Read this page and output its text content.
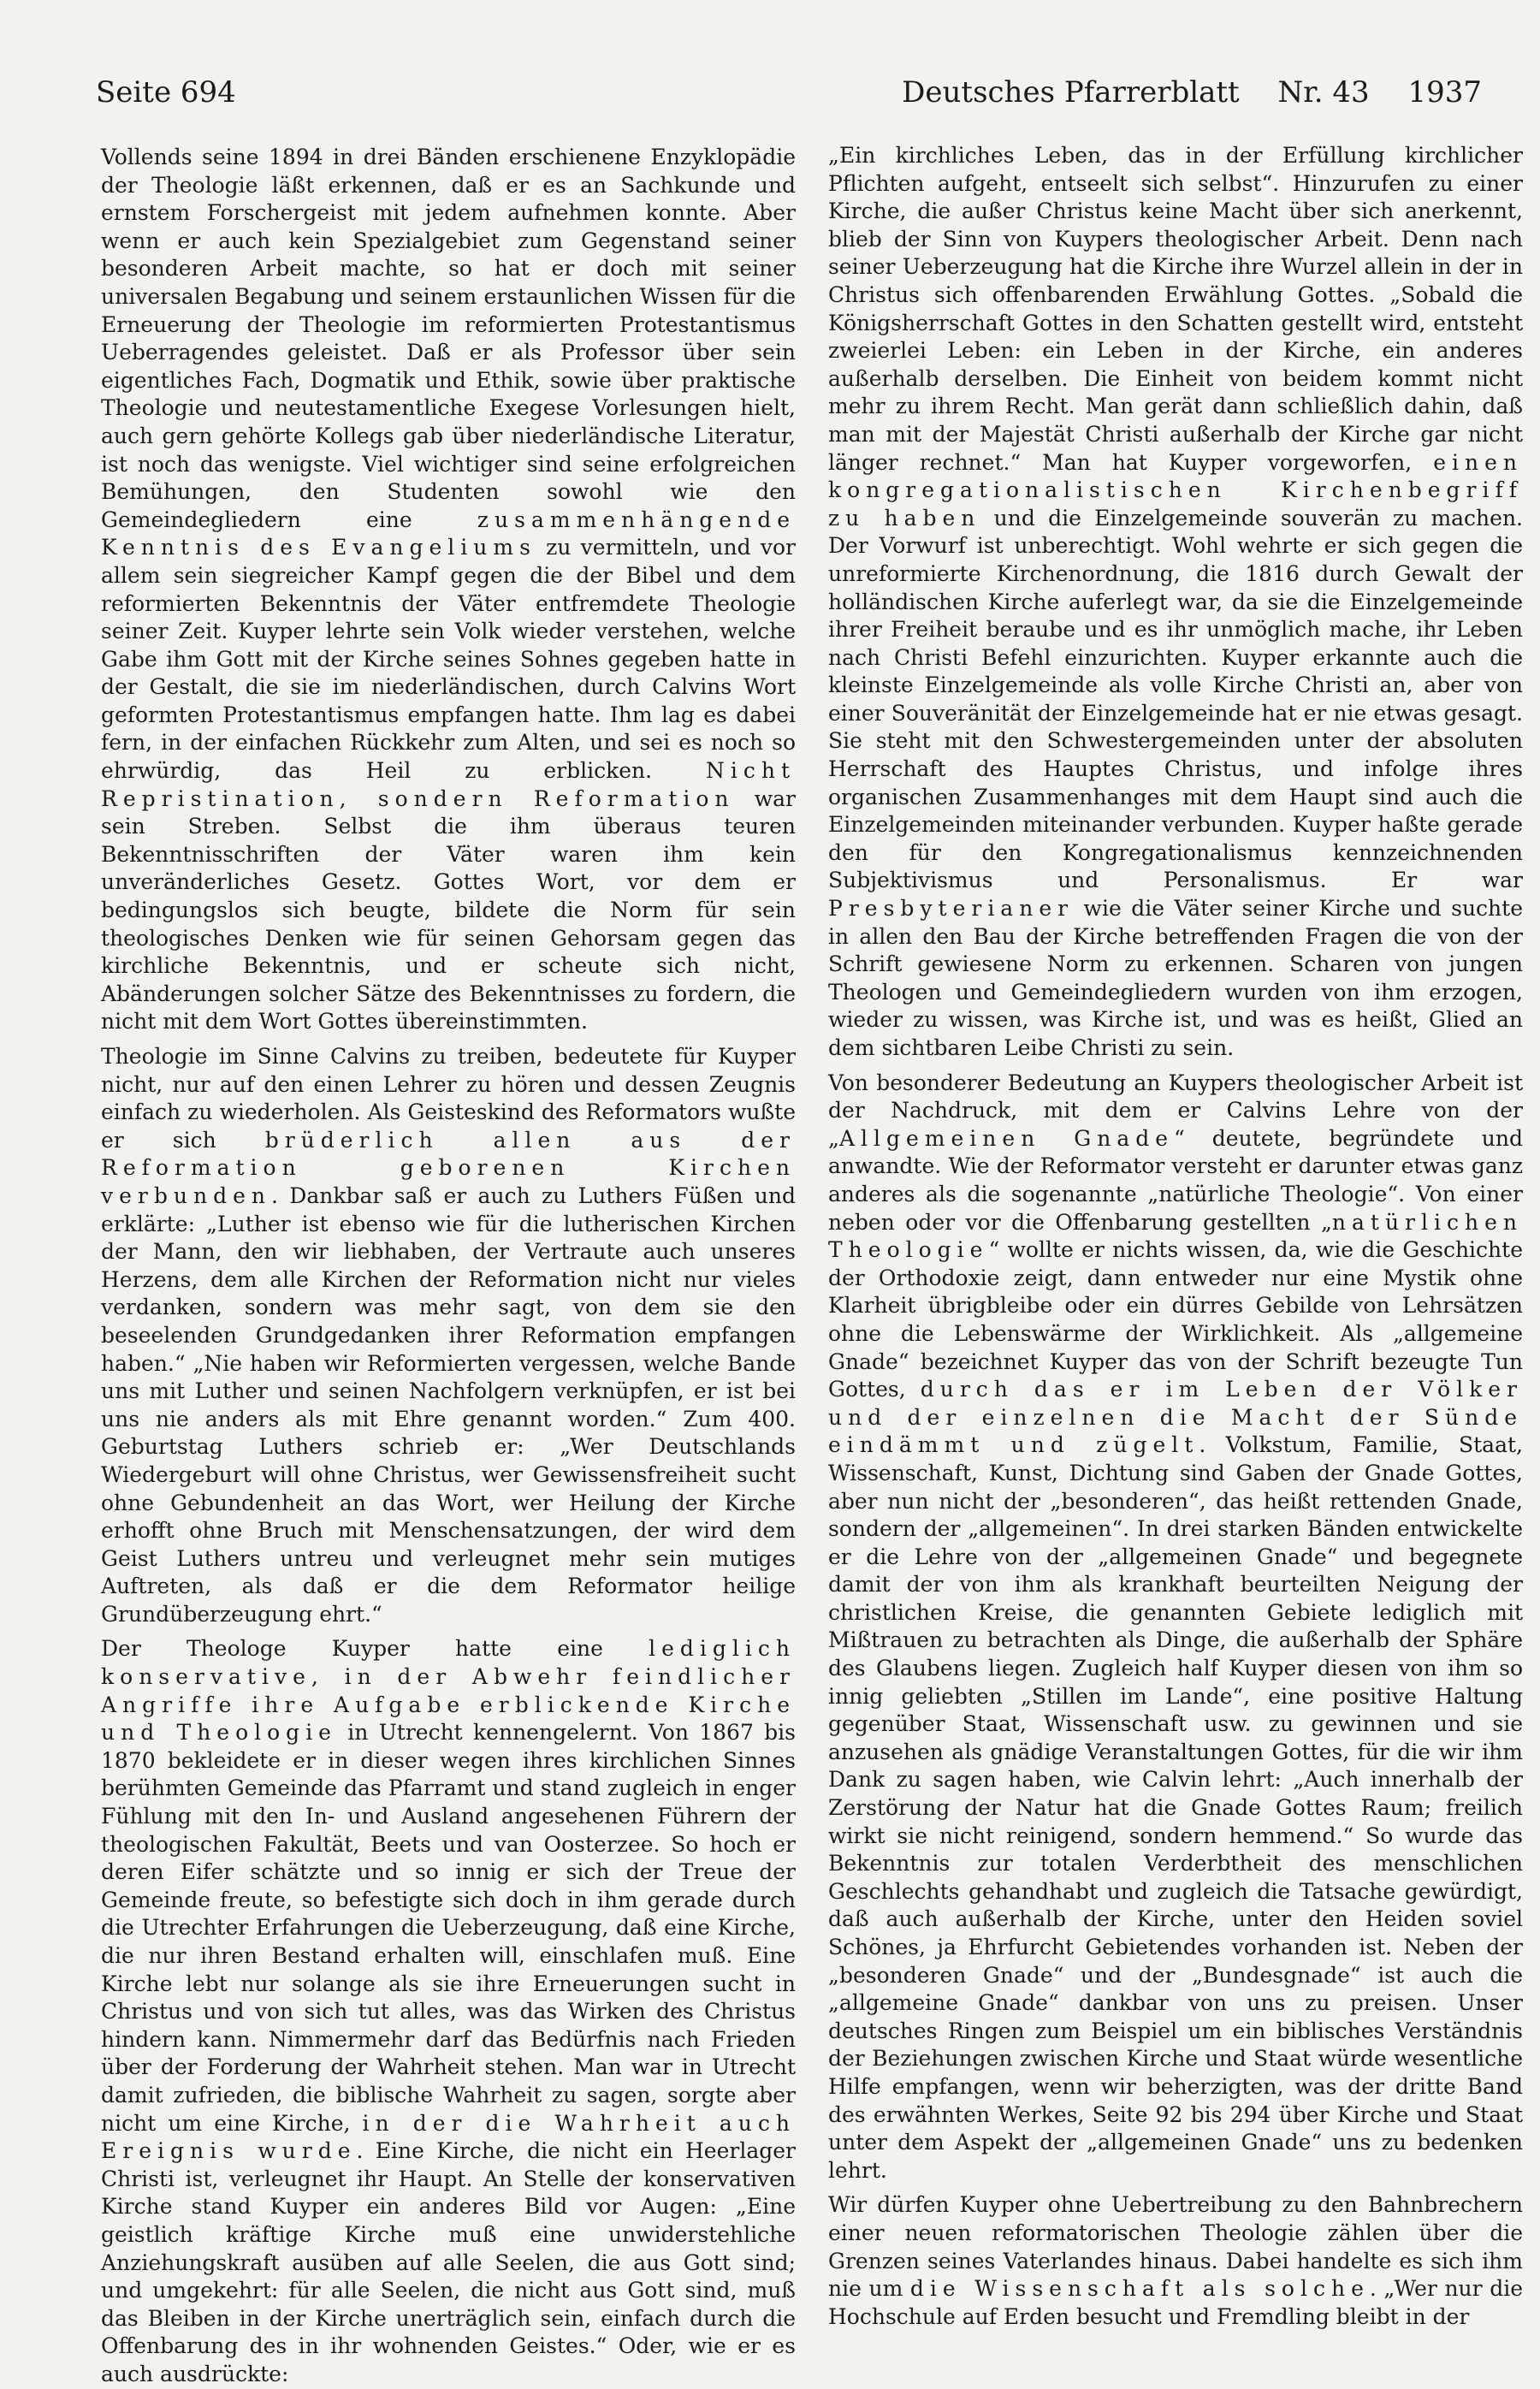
Seite 694	Deutsches Pfarrerblatt Nr. 43 1937

Vollends seine 1894 in drei Bänden erschienene Enzyklopädie der Theologie läßt erkennen, daß er es an Sachkunde und ernstem Forschergeist mit jedem aufnehmen konnte. Aber wenn er auch kein Spezialgebiet zum Gegenstand seiner besonderen Arbeit machte, so hat er doch mit seiner universalen Begabung und seinem erstaunlichen Wissen für die Erneuerung der Theologie im reformierten Protestantismus Ueberragendes geleistet. Daß er als Professor über sein eigentliches Fach, Dogmatik und Ethik, sowie über praktische Theologie und neutestamentliche Exegese Vorlesungen hielt, auch gern gehörte Kollegs gab über niederländische Literatur, ist noch das wenigste. Viel wichtiger sind seine erfolgreichen Bemühungen, den Studenten sowohl wie den Gemeindegliedern eine zusammenhängende Kenntnis des Evangeliums zu vermitteln, und vor allem sein siegreicher Kampf gegen die der Bibel und dem reformierten Bekenntnis der Väter entfremdete Theologie seiner Zeit. Kuyper lehrte sein Volk wieder verstehen, welche Gabe ihm Gott mit der Kirche seines Sohnes gegeben hatte in der Gestalt, die sie im niederländischen, durch Calvins Wort geformten Protestantismus empfangen hatte. Ihm lag es dabei fern, in der einfachen Rückkehr zum Alten, und sei es noch so ehrwürdig, das Heil zu erblicken. Nicht Repristination, sondern Reformation war sein Streben. Selbst die ihm überaus teuren Bekenntnisschriften der Väter waren ihm kein unveränderliches Gesetz. Gottes Wort, vor dem er bedingungslos sich beugte, bildete die Norm für sein theologisches Denken wie für seinen Gehorsam gegen das kirchliche Bekenntnis, und er scheute sich nicht, Abänderungen solcher Sätze des Bekenntnisses zu fordern, die nicht mit dem Wort Gottes übereinstimmten.

Theologie im Sinne Calvins zu treiben, bedeutete für Kuyper nicht, nur auf den einen Lehrer zu hören und dessen Zeugnis einfach zu wiederholen. Als Geisteskind des Reformators wußte er sich brüderlich allen aus der Reformation geborenen Kirchen verbunden. Dankbar saß er auch zu Luthers Füßen und erklärte: „Luther ist ebenso wie für die lutherischen Kirchen der Mann, den wir liebhaben, der Vertraute auch unseres Herzens, dem alle Kirchen der Reformation nicht nur vieles verdanken, sondern was mehr sagt, von dem sie den beseelenden Grundgedanken ihrer Reformation empfangen haben.“ „Nie haben wir Reformierten vergessen, welche Bande uns mit Luther und seinen Nachfolgern verknüpfen, er ist bei uns nie anders als mit Ehre genannt worden.“ Zum 400. Geburtstag Luthers schrieb er: „Wer Deutschlands Wiedergeburt will ohne Christus, wer Gewissensfreiheit sucht ohne Gebundenheit an das Wort, wer Heilung der Kirche erhofft ohne Bruch mit Menschensatzungen, der wird dem Geist Luthers untreu und verleugnet mehr sein mutiges Auftreten, als daß er die dem Reformator heilige Grundüberzeugung ehrt.“

Der Theologe Kuyper hatte eine lediglich konservative, in der Abwehr feindlicher Angriffe ihre Aufgabe erblickende Kirche und Theologie in Utrecht kennengelernt. Von 1867 bis 1870 bekleidete er in dieser wegen ihres kirchlichen Sinnes berühmten Gemeinde das Pfarramt und stand zugleich in enger Fühlung mit den In- und Ausland angesehenen Führern der theologischen Fakultät, Beets und van Oosterzee. So hoch er deren Eifer schätzte und so innig er sich der Treue der Gemeinde freute, so befestigte sich doch in ihm gerade durch die Utrechter Erfahrungen die Ueberzeugung, daß eine Kirche, die nur ihren Bestand erhalten will, einschlafen muß. Eine Kirche lebt nur solange als sie ihre Erneuerungen sucht in Christus und von sich tut alles, was das Wirken des Christus hindern kann. Nimmermehr darf das Bedürfnis nach Frieden über der Forderung der Wahrheit stehen. Man war in Utrecht damit zufrieden, die biblische Wahrheit zu sagen, sorgte aber nicht um eine Kirche, in der die Wahrheit auch Ereignis wurde. Eine Kirche, die nicht ein Heerlager Christi ist, verleugnet ihr Haupt. An Stelle der konservativen Kirche stand Kuyper ein anderes Bild vor Augen: „Eine geistlich kräftige Kirche muß eine unwiderstehliche Anziehungskraft ausüben auf alle Seelen, die aus Gott sind; und umgekehrt: für alle Seelen, die nicht aus Gott sind, muß das Bleiben in der Kirche unerträglich sein, einfach durch die Offenbarung des in ihr wohnenden Geistes.“ Oder, wie er es auch ausdrückte:

„Ein kirchliches Leben, das in der Erfüllung kirchlicher Pflichten aufgeht, entseelt sich selbst“. Hinzurufen zu einer Kirche, die außer Christus keine Macht über sich anerkennt, blieb der Sinn von Kuypers theologischer Arbeit. Denn nach seiner Ueberzeugung hat die Kirche ihre Wurzel allein in der in Christus sich offenbarenden Erwählung Gottes. „Sobald die Königsherrschaft Gottes in den Schatten gestellt wird, entsteht zweierlei Leben: ein Leben in der Kirche, ein anderes außerhalb derselben. Die Einheit von beidem kommt nicht mehr zu ihrem Recht. Man gerät dann schließlich dahin, daß man mit der Majestät Christi außerhalb der Kirche gar nicht länger rechnet.“ Man hat Kuyper vorgeworfen, einen kongregationalistischen Kirchenbegriff zu haben und die Einzelgemeinde souverän zu machen. Der Vorwurf ist unberechtigt. Wohl wehrte er sich gegen die unreformierte Kirchenordnung, die 1816 durch Gewalt der holländischen Kirche auferlegt war, da sie die Einzelgemeinde ihrer Freiheit beraube und es ihr unmöglich mache, ihr Leben nach Christi Befehl einzurichten. Kuyper erkannte auch die kleinste Einzelgemeinde als volle Kirche Christi an, aber von einer Souveränität der Einzelgemeinde hat er nie etwas gesagt. Sie steht mit den Schwestergemeinden unter der absoluten Herrschaft des Hauptes Christus, und infolge ihres organischen Zusammenhanges mit dem Haupt sind auch die Einzelgemeinden miteinander verbunden. Kuyper haßte gerade den für den Kongregationalismus kennzeichnenden Subjektivismus und Personalismus. Er war Presbyterianer wie die Väter seiner Kirche und suchte in allen den Bau der Kirche betreffenden Fragen die von der Schrift gewiesene Norm zu erkennen. Scharen von jungen Theologen und Gemeindegliedern wurden von ihm erzogen, wieder zu wissen, was Kirche ist, und was es heißt, Glied an dem sichtbaren Leibe Christi zu sein.

Von besonderer Bedeutung an Kuypers theologischer Arbeit ist der Nachdruck, mit dem er Calvins Lehre von der „Allgemeinen Gnade“ deutete, begründete und anwandte. Wie der Reformator versteht er darunter etwas ganz anderes als die sogenannte „natürliche Theologie“. Von einer neben oder vor die Offenbarung gestellten „natürlichen Theologie“ wollte er nichts wissen, da, wie die Geschichte der Orthodoxie zeigt, dann entweder nur eine Mystik ohne Klarheit übrigbleibe oder ein dürres Gebilde von Lehrsätzen ohne die Lebenswärme der Wirklichkeit. Als „allgemeine Gnade“ bezeichnet Kuyper das von der Schrift bezeugte Tun Gottes, durch das er im Leben der Völker und der einzelnen die Macht der Sünde eindämmt und zügelt. Volkstum, Familie, Staat, Wissenschaft, Kunst, Dichtung sind Gaben der Gnade Gottes, aber nun nicht der „besonderen“, das heißt rettenden Gnade, sondern der „allgemeinen“. In drei starken Bänden entwickelte er die Lehre von der „allgemeinen Gnade“ und begegnete damit der von ihm als krankhaft beurteilten Neigung der christlichen Kreise, die genannten Gebiete lediglich mit Mißtrauen zu betrachten als Dinge, die außerhalb der Sphäre des Glaubens liegen. Zugleich half Kuyper diesen von ihm so innig geliebten „Stillen im Lande“, eine positive Haltung gegenüber Staat, Wissenschaft usw. zu gewinnen und sie anzusehen als gnädige Veranstaltungen Gottes, für die wir ihm Dank zu sagen haben, wie Calvin lehrt: „Auch innerhalb der Zerstörung der Natur hat die Gnade Gottes Raum; freilich wirkt sie nicht reinigend, sondern hemmend.“ So wurde das Bekenntnis zur totalen Verderbtheit des menschlichen Geschlechts gehandhabt und zugleich die Tatsache gewürdigt, daß auch außerhalb der Kirche, unter den Heiden soviel Schönes, ja Ehrfurcht Gebietendes vorhanden ist. Neben der „besonderen Gnade“ und der „Bundesgnade“ ist auch die „allgemeine Gnade“ dankbar von uns zu preisen. Unser deutsches Ringen zum Beispiel um ein biblisches Verständnis der Beziehungen zwischen Kirche und Staat würde wesentliche Hilfe empfangen, wenn wir beherzigten, was der dritte Band des erwähnten Werkes, Seite 92 bis 294 über Kirche und Staat unter dem Aspekt der „allgemeinen Gnade“ uns zu bedenken lehrt.

Wir dürfen Kuyper ohne Uebertreibung zu den Bahnbrechern einer neuen reformatorischen Theologie zählen über die Grenzen seines Vaterlandes hinaus. Dabei handelte es sich ihm nie um die Wissenschaft als solche. „Wer nur die Hochschule auf Erden besucht und Fremdling bleibt in der
